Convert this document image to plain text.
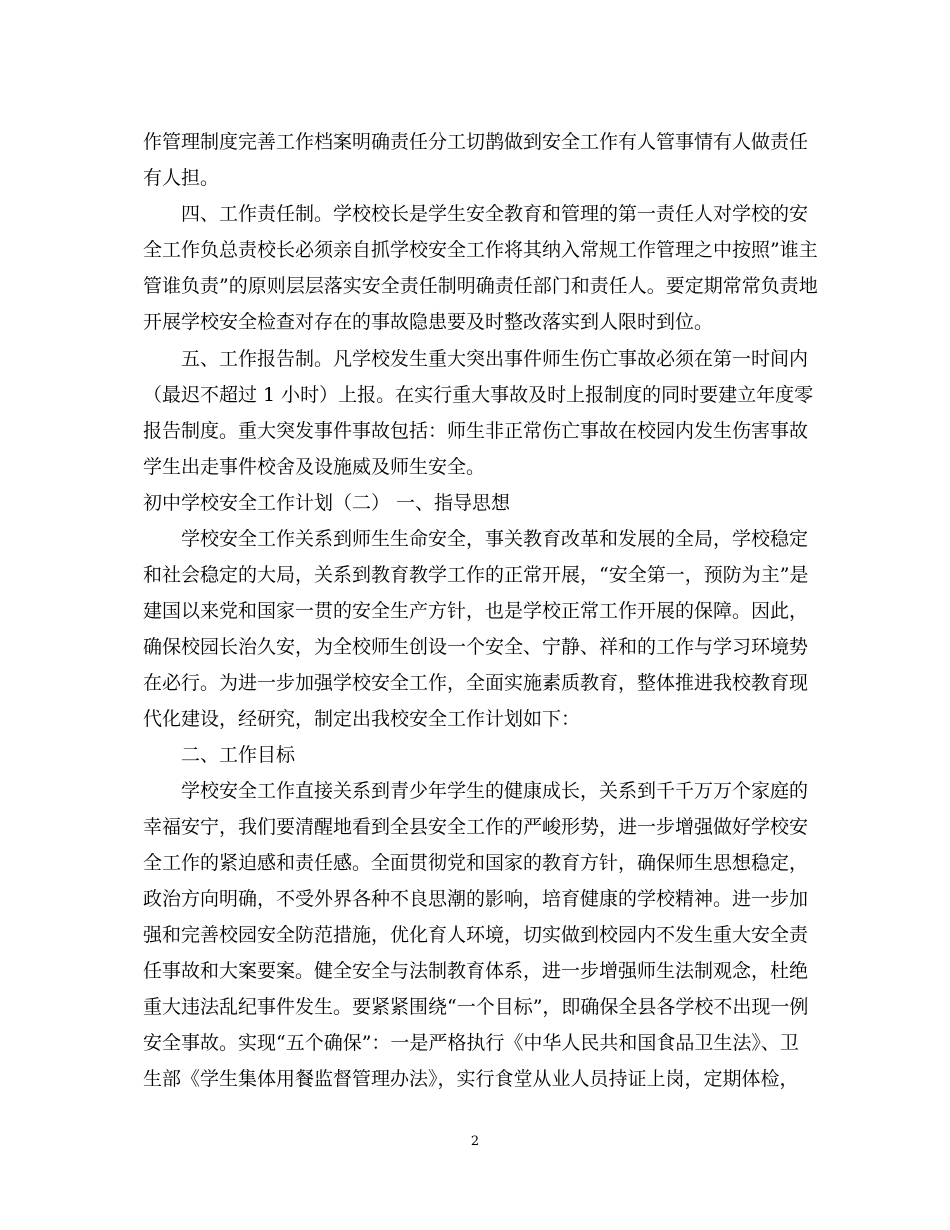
作管理制度完善工作档案明确责任分工切鹊做到安全工作有人管事情有人做责任
有人担。
四、工作责任制。学校校长是学生安全教育和管理的第一责任人对学校的安
全工作负总责校长必须亲自抓学校安全工作将其纳入常规工作管理之中按照”谁主
管谁负责”的原则层层落实安全责任制明确责任部门和责任人。要定期常常负责地
开展学校安全检查对存在的事故隐患要及时整改落实到人限时到位。
五、工作报告制。凡学校发生重大突出事件师生伤亡事故必须在第一时间内
（最迟不超过 1 小时）上报。在实行重大事故及时上报制度的同时要建立年度零
报告制度。重大突发事件事故包括：师生非正常伤亡事故在校园内发生伤害事故
学生出走事件校舍及设施威及师生安全。
初中学校安全工作计划（二） 一、指导思想
学校安全工作关系到师生生命安全，事关教育改革和发展的全局，学校稳定
和社会稳定的大局，关系到教育教学工作的正常开展，“安全第一，预防为主”是
建国以来党和国家一贯的安全生产方针，也是学校正常工作开展的保障。因此，
确保校园长治久安，为全校师生创设一个安全、宁静、祥和的工作与学习环境势
在必行。为进一步加强学校安全工作，全面实施素质教育，整体推进我校教育现
代化建设，经研究，制定出我校安全工作计划如下：
二、工作目标
学校安全工作直接关系到青少年学生的健康成长，关系到千千万万个家庭的
幸福安宁，我们要清醒地看到全县安全工作的严峻形势，进一步增强做好学校安
全工作的紧迫感和责任感。全面贯彻党和国家的教育方针，确保师生思想稳定，
政治方向明确，不受外界各种不良思潮的影响，培育健康的学校精神。进一步加
强和完善校园安全防范措施，优化育人环境，切实做到校园内不发生重大安全责
任事故和大案要案。健全安全与法制教育体系，进一步增强师生法制观念，杜绝
重大违法乱纪事件发生。要紧紧围绕“一个目标”，即确保全县各学校不出现一例
安全事故。实现“五个确保”：一是严格执行《中华人民共和国食品卫生法》、卫
生部《学生集体用餐监督管理办法》，实行食堂从业人员持证上岗，定期体检，
2
